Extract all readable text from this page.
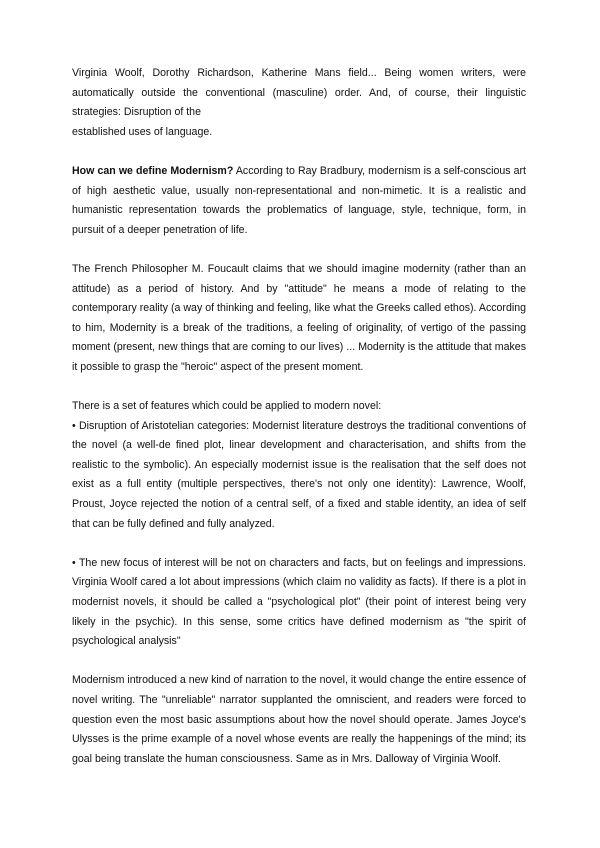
Virginia Woolf, Dorothy Richardson, Katherine Mans field... Being women writers, were automatically outside the conventional (masculine) order. And, of course, their linguistic strategies: Disruption of the
established uses of language.

How can we define Modernism? According to Ray Bradbury, modernism is a self-conscious art of high aesthetic value, usually non-representational and non-mimetic. It is a realistic and humanistic representation towards the problematics of language, style, technique, form, in pursuit of a deeper penetration of life.

The French Philosopher M. Foucault claims that we should imagine modernity (rather than an attitude) as a period of history. And by "attitude" he means a mode of relating to the contemporary reality (a way of thinking and feeling, like what the Greeks called ethos). According to him, Modernity is a break of the traditions, a feeling of originality, of vertigo of the passing moment (present, new things that are coming to our lives) ... Modernity is the attitude that makes it possible to grasp the "heroic" aspect of the present moment.

There is a set of features which could be applied to modern novel:
• Disruption of Aristotelian categories: Modernist literature destroys the traditional conventions of the novel (a well-de fined plot, linear development and characterisation, and shifts from the realistic to the symbolic). An especially modernist issue is the realisation that the self does not exist as a full entity (multiple perspectives, there's not only one identity): Lawrence, Woolf, Proust, Joyce rejected the notion of a central self, of a fixed and stable identity, an idea of self that can be fully defined and fully analyzed.

• The new focus of interest will be not on characters and facts, but on feelings and impressions. Virginia Woolf cared a lot about impressions (which claim no validity as facts). If there is a plot in modernist novels, it should be called a "psychological plot" (their point of interest being very likely in the psychic). In this sense, some critics have defined modernism as "the spirit of psychological analysis"

Modernism introduced a new kind of narration to the novel, it would change the entire essence of novel writing. The "unreliable" narrator supplanted the omniscient, and readers were forced to question even the most basic assumptions about how the novel should operate. James Joyce's Ulysses is the prime example of a novel whose events are really the happenings of the mind; its goal being translate the human consciousness. Same as in Mrs. Dalloway of Virginia Woolf.
